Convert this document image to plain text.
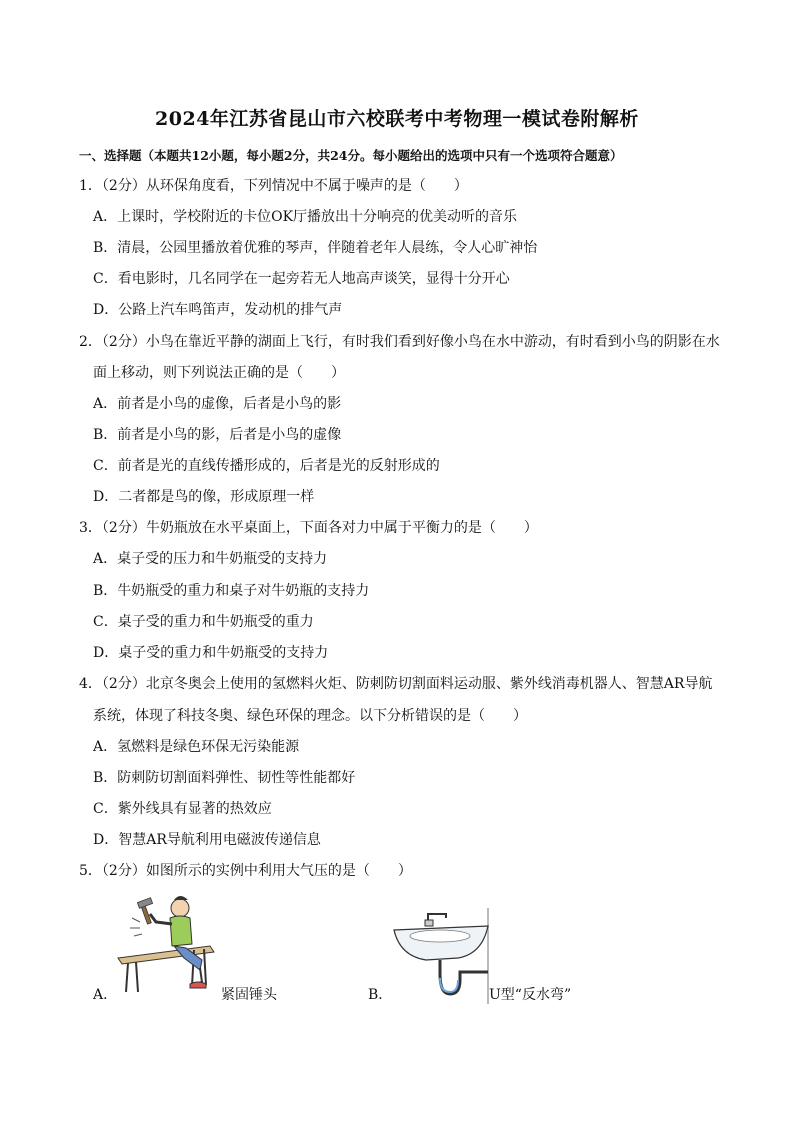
2024年江苏省昆山市六校联考中考物理一模试卷附解析
一、选择题（本题共12小题，每小题2分，共24分。每小题给出的选项中只有一个选项符合题意）
1．（2分）从环保角度看，下列情况中不属于噪声的是（　　）
A．上课时，学校附近的卡位OK厅播放出十分响亮的优美动听的音乐
B．清晨，公园里播放着优雅的琴声，伴随着老年人晨练，令人心旷神怡
C．看电影时，几名同学在一起旁若无人地高声谈笑，显得十分开心
D．公路上汽车鸣笛声，发动机的排气声
2．（2分）小鸟在靠近平静的湖面上飞行，有时我们看到好像小鸟在水中游动，有时看到小鸟的阴影在水
面上移动，则下列说法正确的是（　　）
A．前者是小鸟的虚像，后者是小鸟的影
B．前者是小鸟的影，后者是小鸟的虚像
C．前者是光的直线传播形成的，后者是光的反射形成的
D．二者都是鸟的像，形成原理一样
3．（2分）牛奶瓶放在水平桌面上，下面各对力中属于平衡力的是（　　）
A．桌子受的压力和牛奶瓶受的支持力
B．牛奶瓶受的重力和桌子对牛奶瓶的支持力
C．桌子受的重力和牛奶瓶受的重力
D．桌子受的重力和牛奶瓶受的支持力
4．（2分）北京冬奥会上使用的氢燃料火炬、防刺防切割面料运动服、紫外线消毒机器人、智慧AR导航
系统，体现了科技冬奥、绿色环保的理念。以下分析错误的是（　　）
A．氢燃料是绿色环保无污染能源
B．防刺防切割面料弹性、韧性等性能都好
C．紫外线具有显著的热效应
D．智慧AR导航利用电磁波传递信息
5．（2分）如图所示的实例中利用大气压的是（　　）
A．	紧固锤头	B．	U型“反水弯”
